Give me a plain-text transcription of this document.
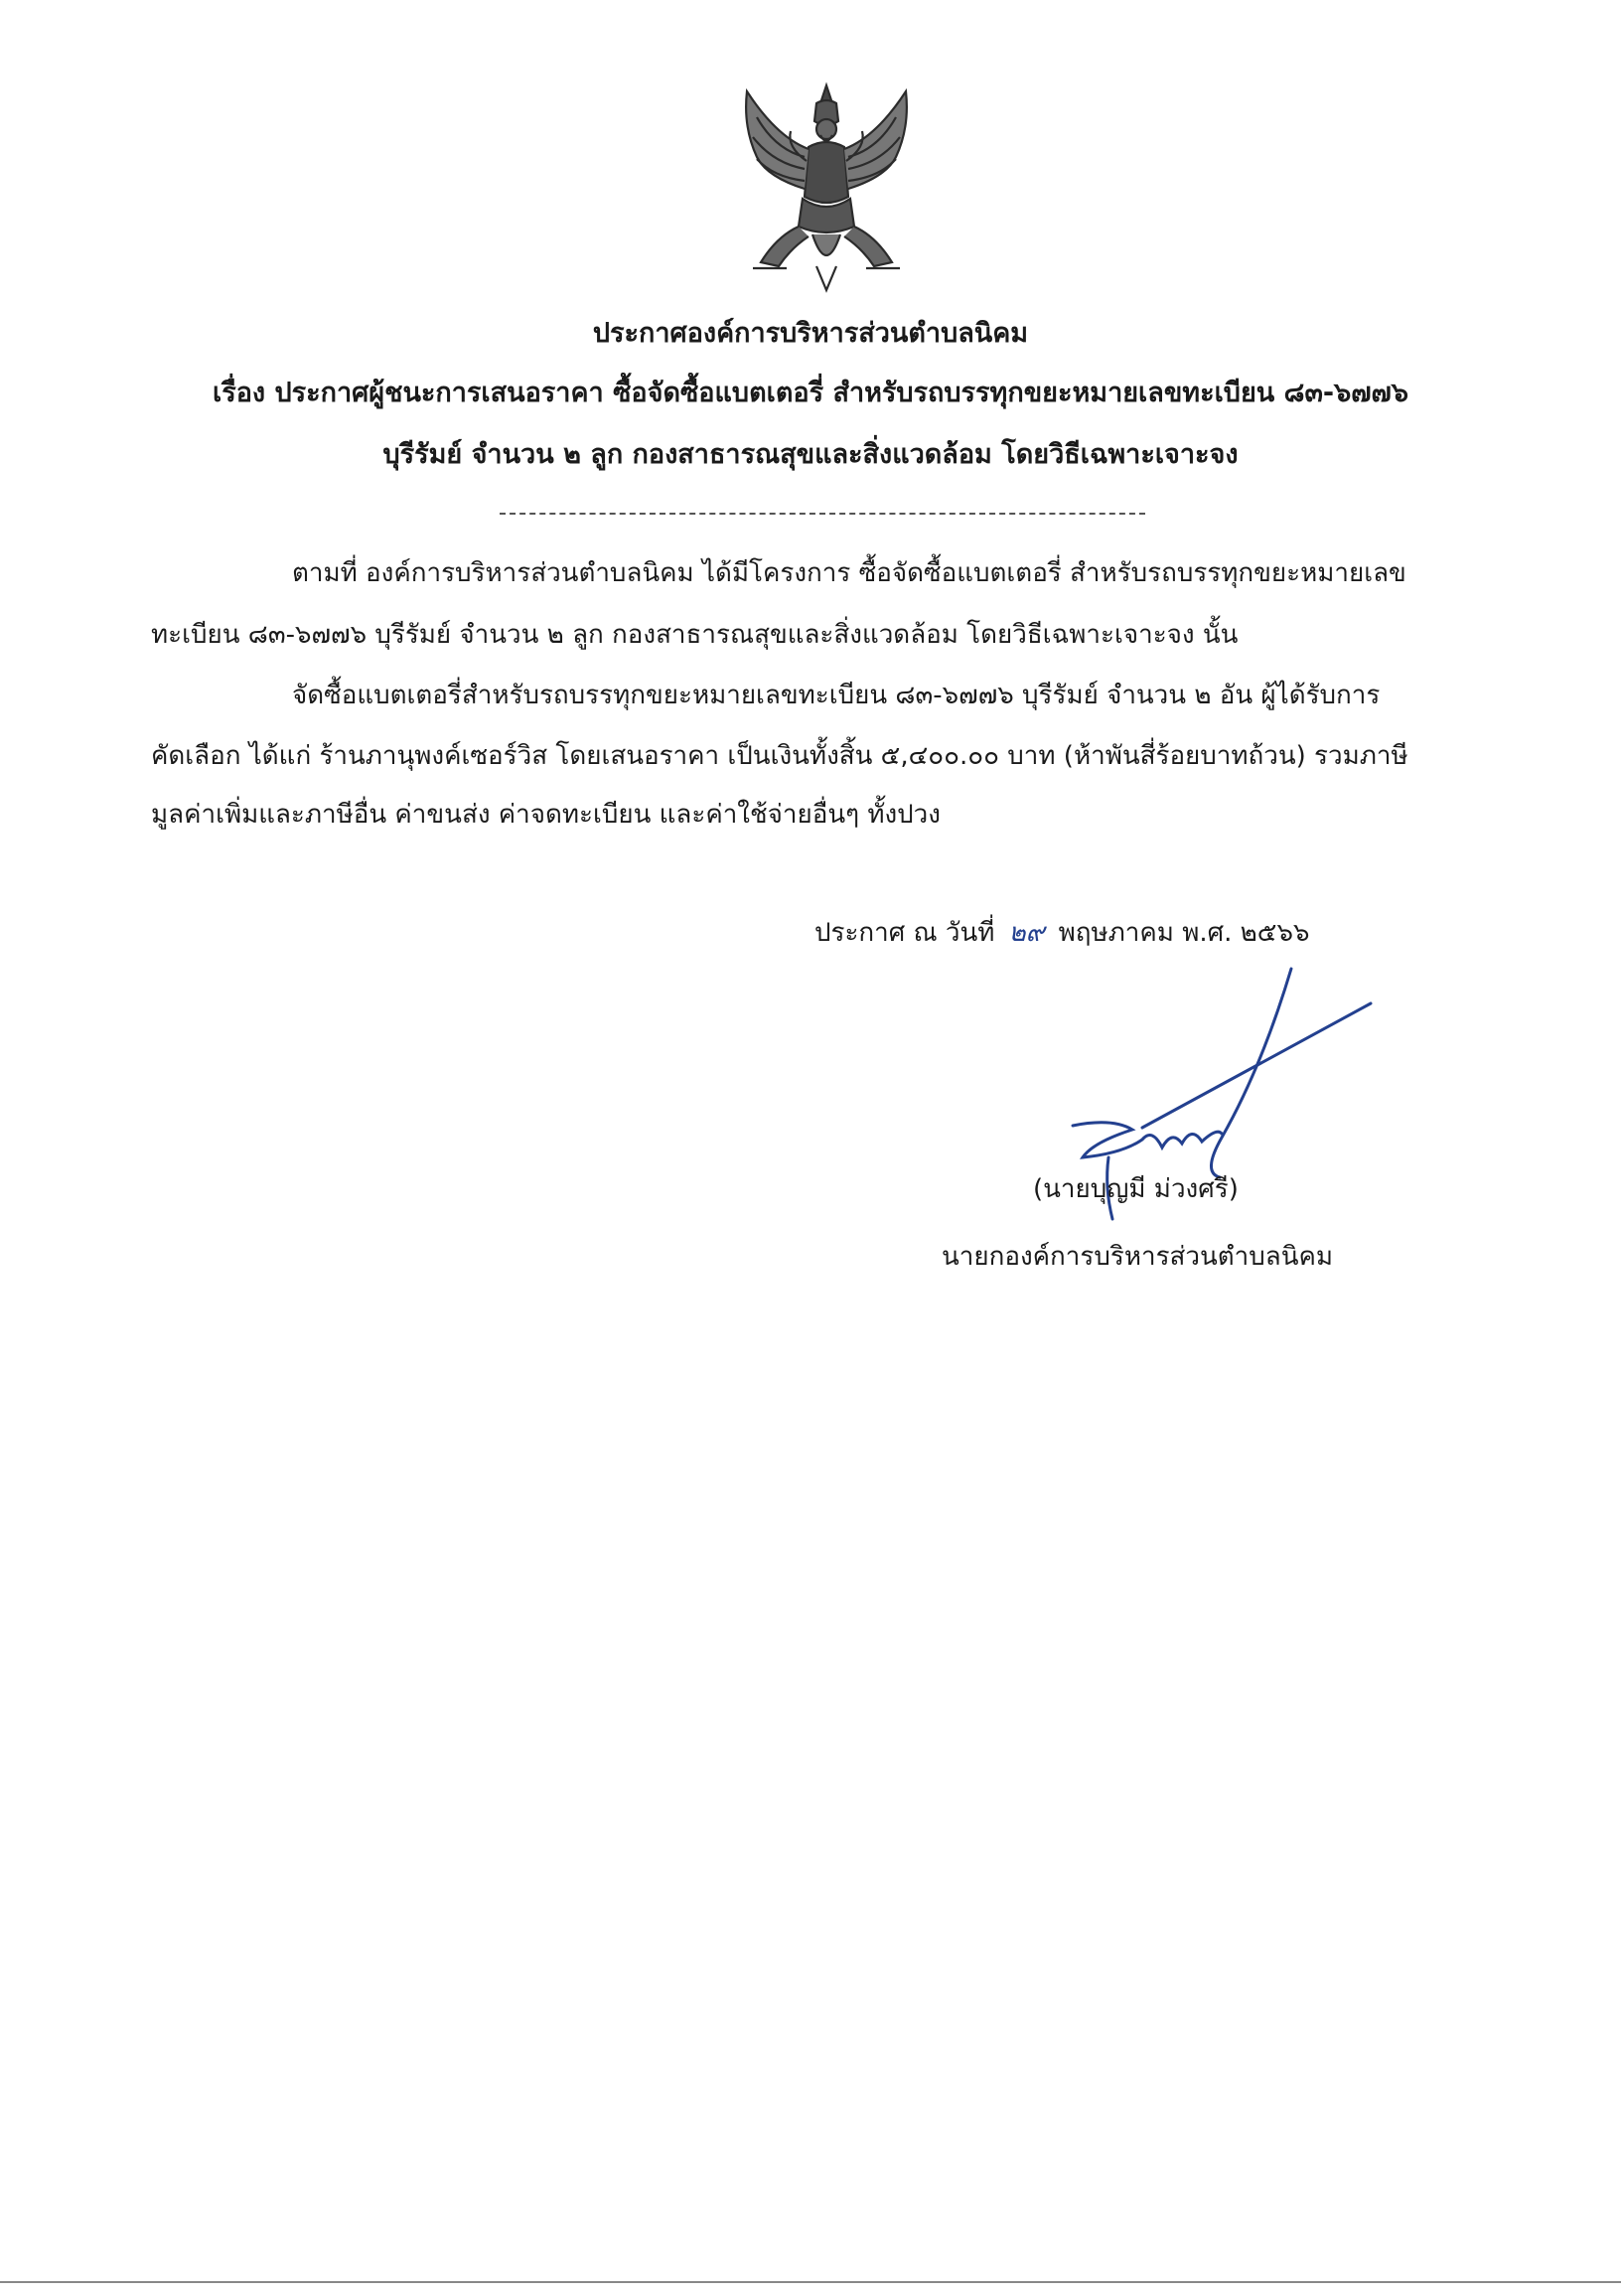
ประกาศองค์การบริหารส่วนตำบลนิคม
เรื่อง ประกาศผู้ชนะการเสนอราคา ซื้อจัดซื้อแบตเตอรี่ สำหรับรถบรรทุกขยะหมายเลขทะเบียน ๘๓-๖๗๗๖
บุรีรัมย์ จำนวน ๒ ลูก กองสาธารณสุขและสิ่งแวดล้อม โดยวิธีเฉพาะเจาะจง
ตามที่ องค์การบริหารส่วนตำบลนิคม ได้มีโครงการ ซื้อจัดซื้อแบตเตอรี่ สำหรับรถบรรทุกขยะหมายเลข
ทะเบียน ๘๓-๖๗๗๖ บุรีรัมย์ จำนวน ๒ ลูก กองสาธารณสุขและสิ่งแวดล้อม โดยวิธีเฉพาะเจาะจง นั้น
จัดซื้อแบตเตอรี่สำหรับรถบรรทุกขยะหมายเลขทะเบียน ๘๓-๖๗๗๖ บุรีรัมย์ จำนวน ๒ อัน ผู้ได้รับการ
คัดเลือก ได้แก่ ร้านภานุพงค์เซอร์วิส โดยเสนอราคา เป็นเงินทั้งสิ้น ๕,๔๐๐.๐๐ บาท (ห้าพันสี่ร้อยบาทถ้วน) รวมภาษี
มูลค่าเพิ่มและภาษีอื่น ค่าขนส่ง ค่าจดทะเบียน และค่าใช้จ่ายอื่นๆ ทั้งปวง
ประกาศ ณ วันที่ ๒๙ พฤษภาคม พ.ศ. ๒๕๖๖
(นายบุญมี ม่วงศรี)
นายกองค์การบริหารส่วนตำบลนิคม
